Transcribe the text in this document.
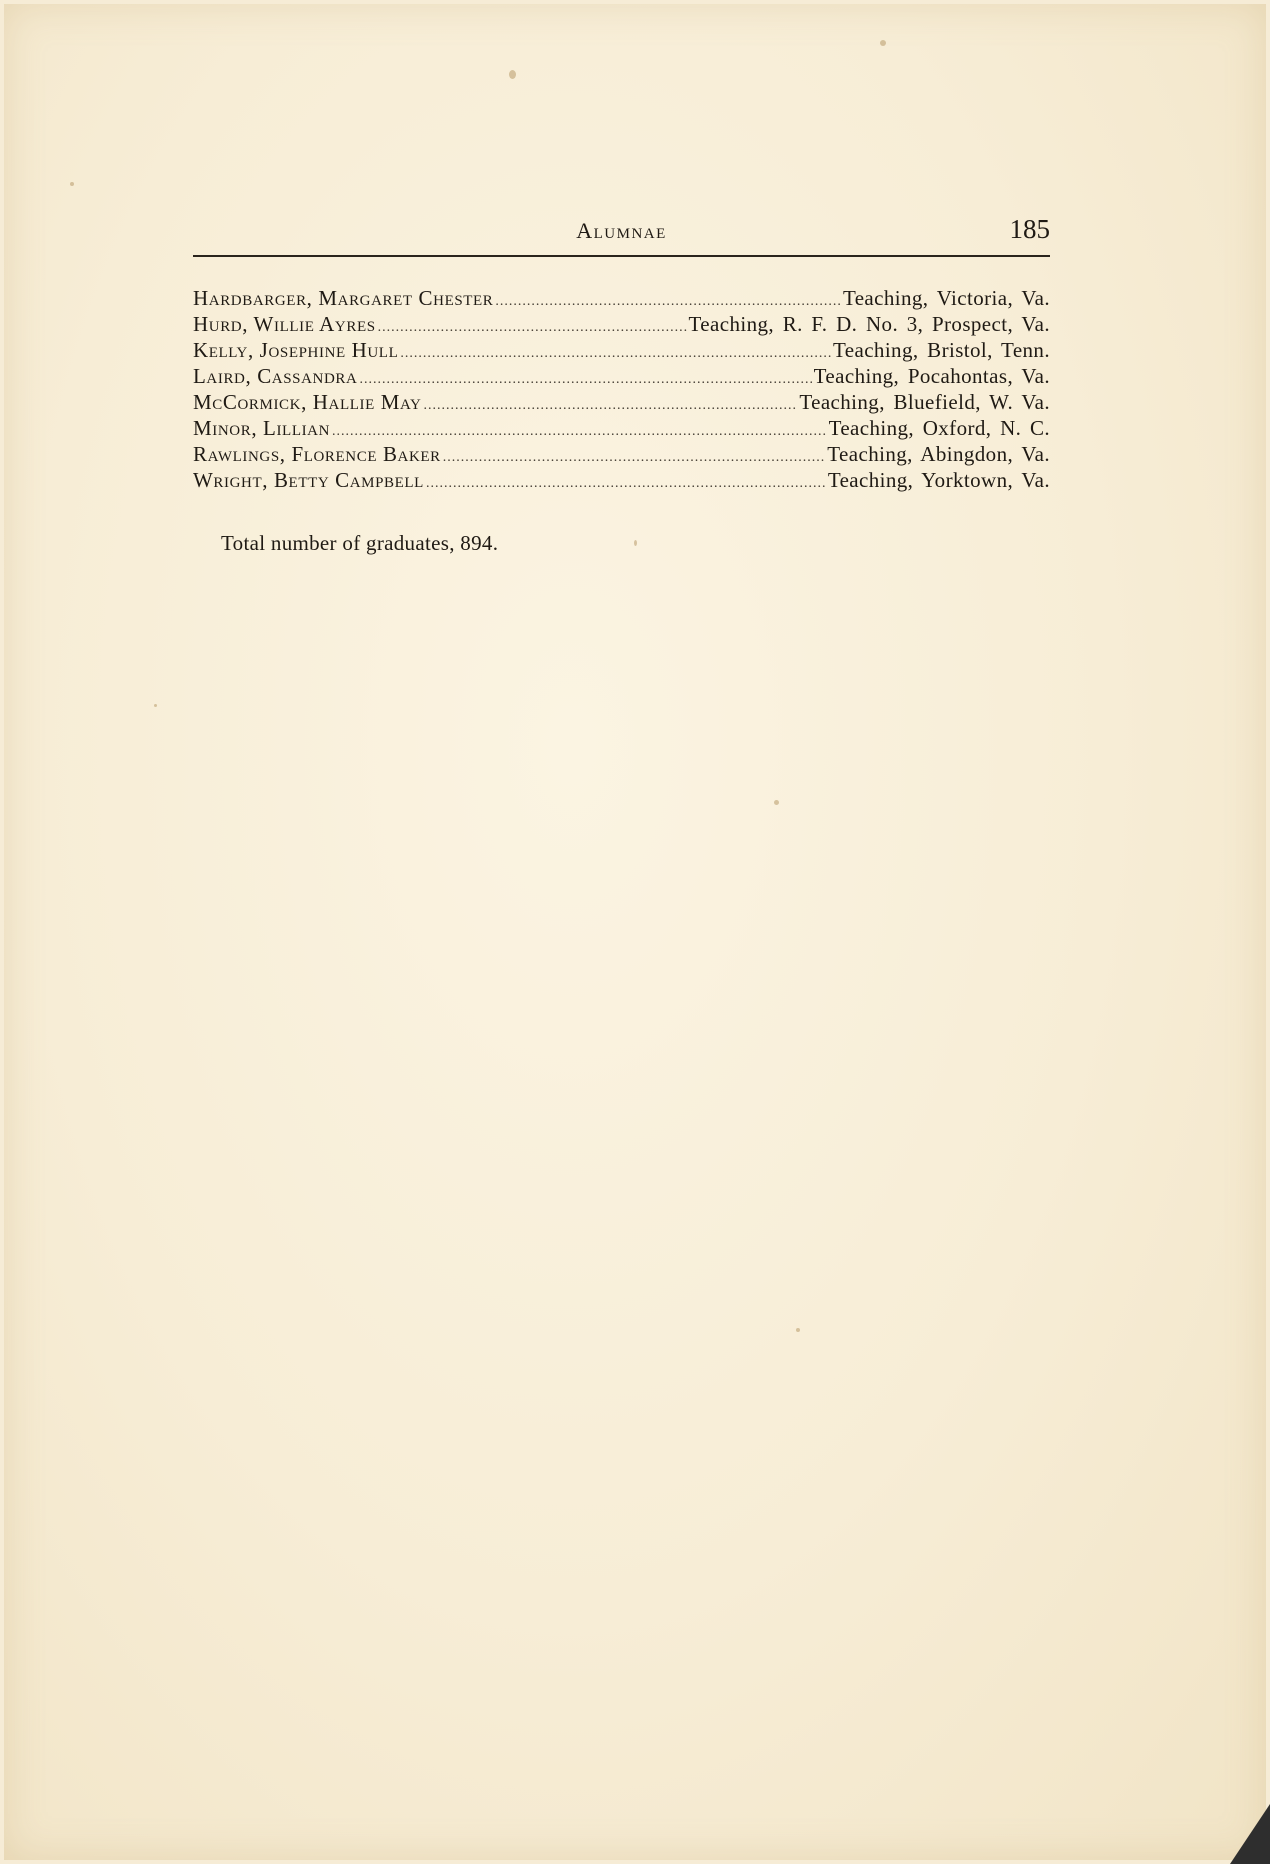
Alumnae	185
Hardbarger, Margaret Chester .....	Teaching, Victoria, Va.
Hurd, Willie Ayres .....	Teaching, R. F. D. No. 3, Prospect, Va.
Kelly, Josephine Hull .....	Teaching, Bristol, Tenn.
Laird, Cassandra .....	Teaching, Pocahontas, Va.
McCormick, Hallie May .....	Teaching, Bluefield, W. Va.
Minor, Lillian .....	Teaching, Oxford, N. C.
Rawlings, Florence Baker .....	Teaching, Abingdon, Va.
Wright, Betty Campbell .....	Teaching, Yorktown, Va.
Total number of graduates, 894.
